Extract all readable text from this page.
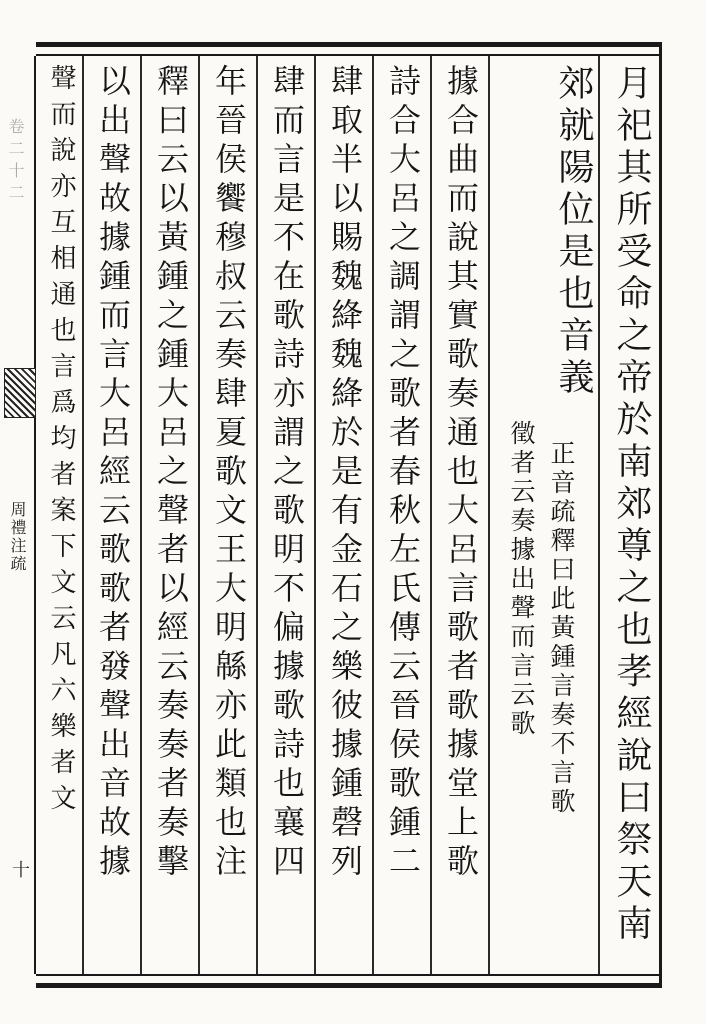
卷二十二
周禮注疏
十	月祀其所受命之帝於南郊尊之也孝經說曰祭天南
郊就陽位是也音義
正音疏釋曰此黃鍾言奏不言歌
徵者云奏據出聲而言云歌
據合曲而說其實歌奏通也大呂言歌者歌據堂上歌
詩合大呂之調謂之歌者春秋左氏傳云晉侯歌鍾二
肆取半以賜魏絳魏絳於是有金石之樂彼據鍾磬列
肆而言是不在歌詩亦謂之歌明不偏據歌詩也襄四
年晉侯饗穆叔云奏肆夏歌文王大明緜亦此類也注
釋曰云以黃鍾之鍾大呂之聲者以經云奏奏者奏擊
以出聲故據鍾而言大呂經云歌歌者發聲出音故據
聲而說亦互相通也言爲均者案下文云凡六樂者文
